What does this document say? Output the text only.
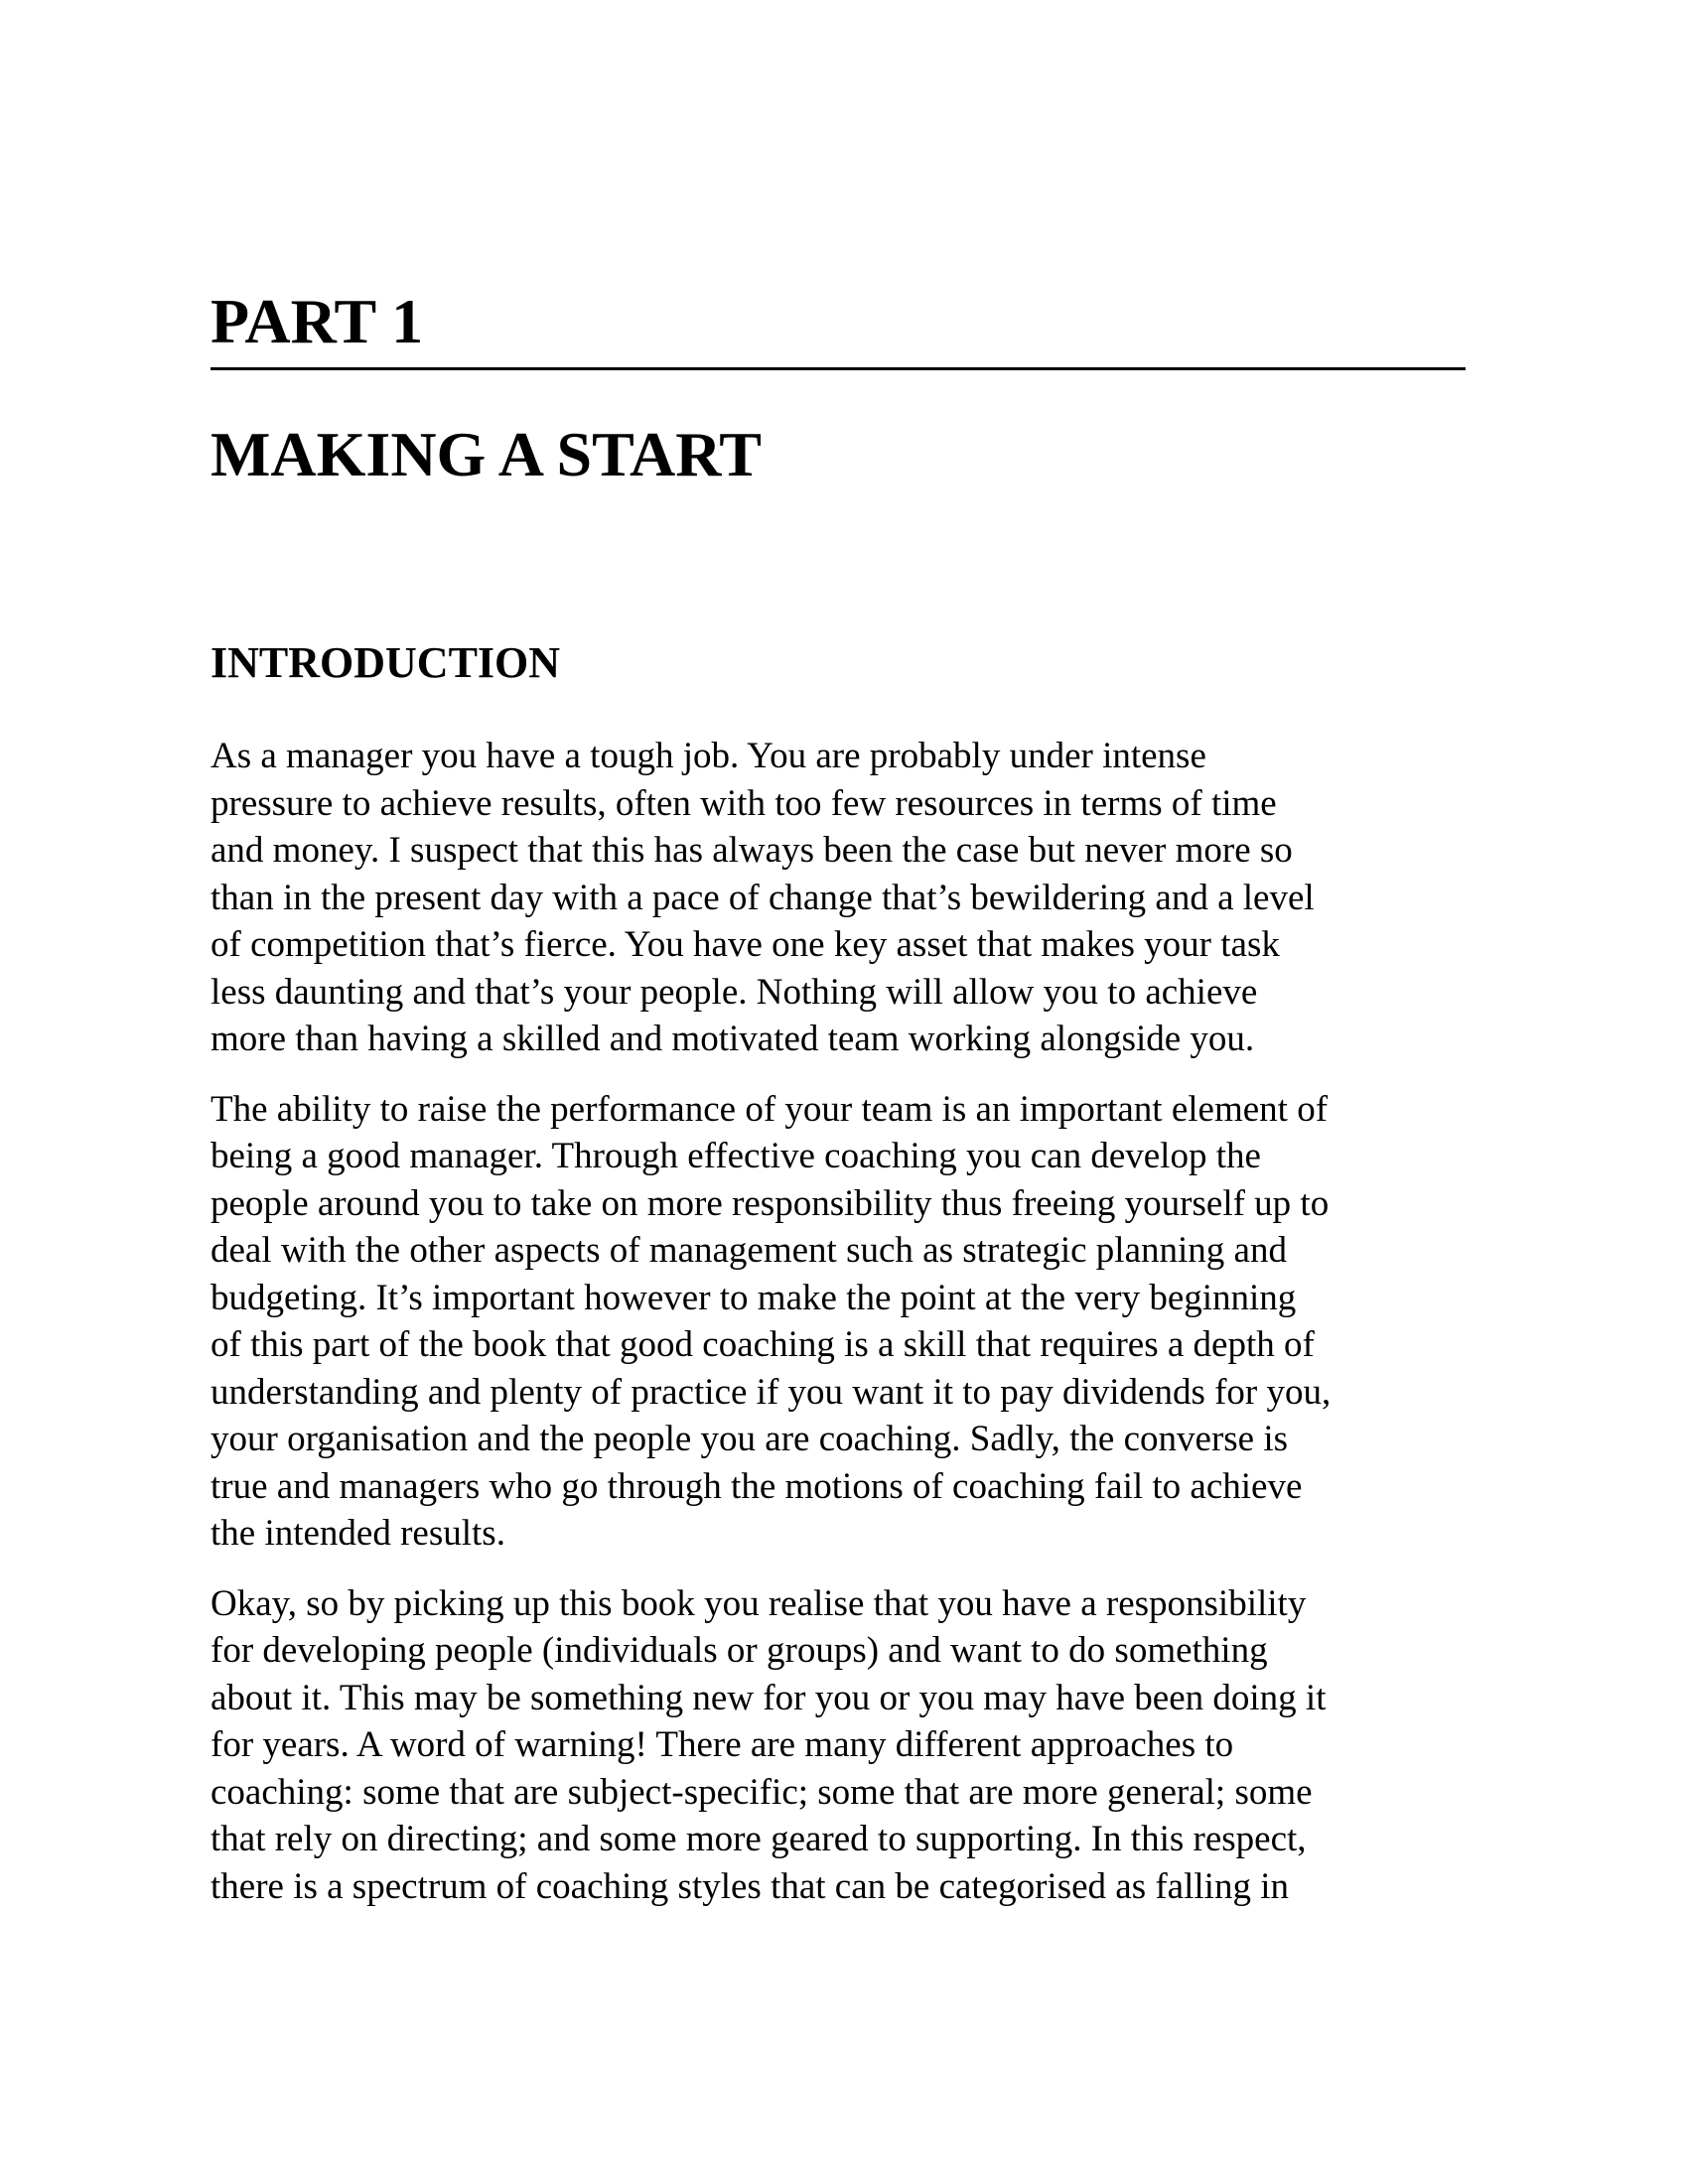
PART 1
MAKING A START
INTRODUCTION

As a manager you have a tough job. You are probably under intense
pressure to achieve results, often with too few resources in terms of time
and money. I suspect that this has always been the case but never more so
than in the present day with a pace of change that’s bewildering and a level
of competition that’s fierce. You have one key asset that makes your task
less daunting and that’s your people. Nothing will allow you to achieve
more than having a skilled and motivated team working alongside you.

The ability to raise the performance of your team is an important element of
being a good manager. Through effective coaching you can develop the
people around you to take on more responsibility thus freeing yourself up to
deal with the other aspects of management such as strategic planning and
budgeting. It’s important however to make the point at the very beginning
of this part of the book that good coaching is a skill that requires a depth of
understanding and plenty of practice if you want it to pay dividends for you,
your organisation and the people you are coaching. Sadly, the converse is
true and managers who go through the motions of coaching fail to achieve
the intended results.

Okay, so by picking up this book you realise that you have a responsibility
for developing people (individuals or groups) and want to do something
about it. This may be something new for you or you may have been doing it
for years. A word of warning! There are many different approaches to
coaching: some that are subject-specific; some that are more general; some
that rely on directing; and some more geared to supporting. In this respect,
there is a spectrum of coaching styles that can be categorised as falling in
